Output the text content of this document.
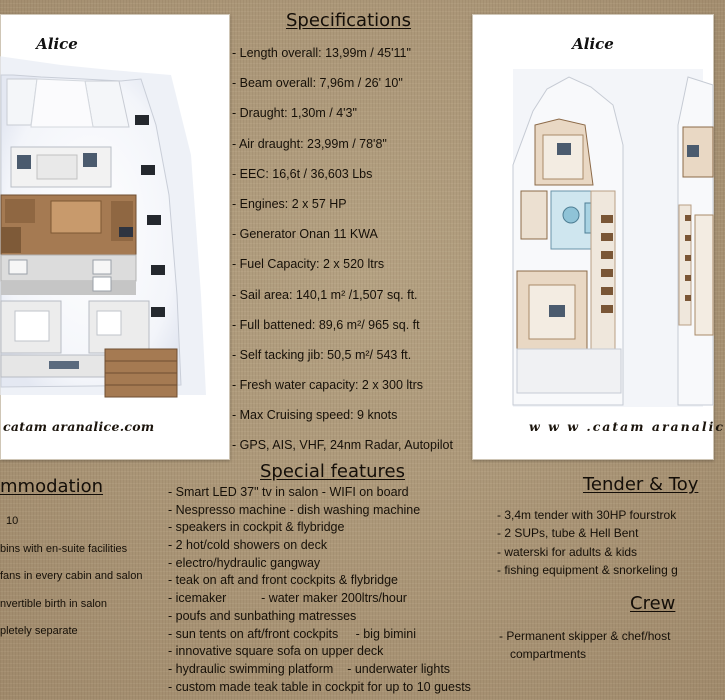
Alice
catam aranalice.com
Alice
w w w .catam aranalic
Specifications
- Length overall: 13,99m / 45'11"
- Beam overall: 7,96m / 26' 10"
- Draught: 1,30m / 4'3"
- Air draught: 23,99m / 78'8"
- EEC: 16,6t / 36,603 Lbs
- Engines: 2 x 57 HP
- Generator Onan 11 KWA
- Fuel Capacity: 2 x 520 ltrs
- Sail area: 140,1 m² /1,507 sq. ft.
- Full battened: 89,6 m²/ 965 sq. ft
- Self tacking jib: 50,5 m²/ 543 ft.
- Fresh water capacity: 2 x 300 ltrs
- Max Cruising speed: 9 knots
- GPS, AIS, VHF, 24nm Radar, Autopilot
Special features
- Smart LED 37" tv in salon - WIFI on board
- Nespresso machine - dish washing machine
- speakers in cockpit & flybridge
- 2 hot/cold showers on deck
- electro/hydraulic gangway
- teak on aft and front cockpits & flybridge
- icemaker          - water maker 200ltrs/hour
- poufs and sunbathing matresses
- sun tents on aft/front cockpits     - big bimini
- innovative square sofa on upper deck
- hydraulic swimming platform    - underwater lights
- custom made teak table in cockpit for up to 10 guests
mmodation
10
bins with en-suite facilities
fans in every cabin and salon
nvertible birth in salon
pletely separate
Tender & Toy
- 3,4m tender with 30HP fourstrok
- 2 SUPs, tube & Hell Bent
- waterski for adults & kids
- fishing equipment & snorkeling g
Crew
- Permanent skipper & chef/host
compartments
